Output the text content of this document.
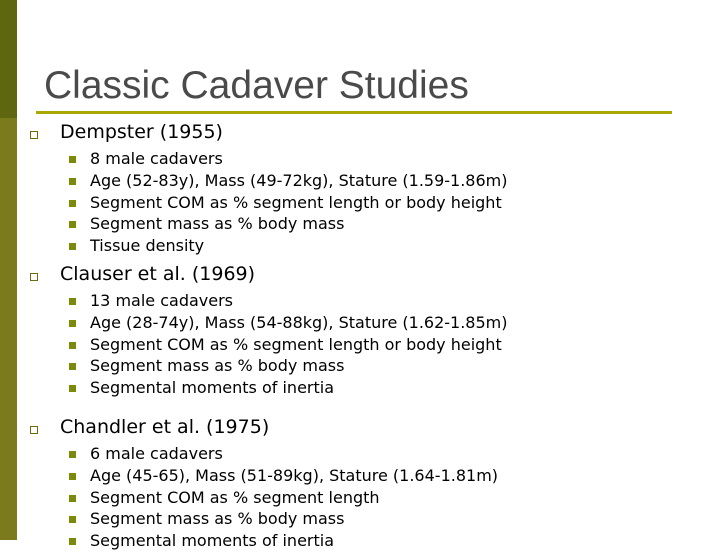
Classic Cadaver Studies
Dempster (1955)
8 male cadavers
Age (52-83y), Mass (49-72kg), Stature (1.59-1.86m)
Segment COM as % segment length or body height
Segment mass as % body mass
Tissue density
Clauser et al. (1969)
13 male cadavers
Age (28-74y), Mass (54-88kg), Stature (1.62-1.85m)
Segment COM as % segment length or body height
Segment mass as % body mass
Segmental moments of inertia
Chandler et al. (1975)
6 male cadavers
Age (45-65), Mass (51-89kg), Stature (1.64-1.81m)
Segment COM as % segment length
Segment mass as % body mass
Segmental moments of inertia
